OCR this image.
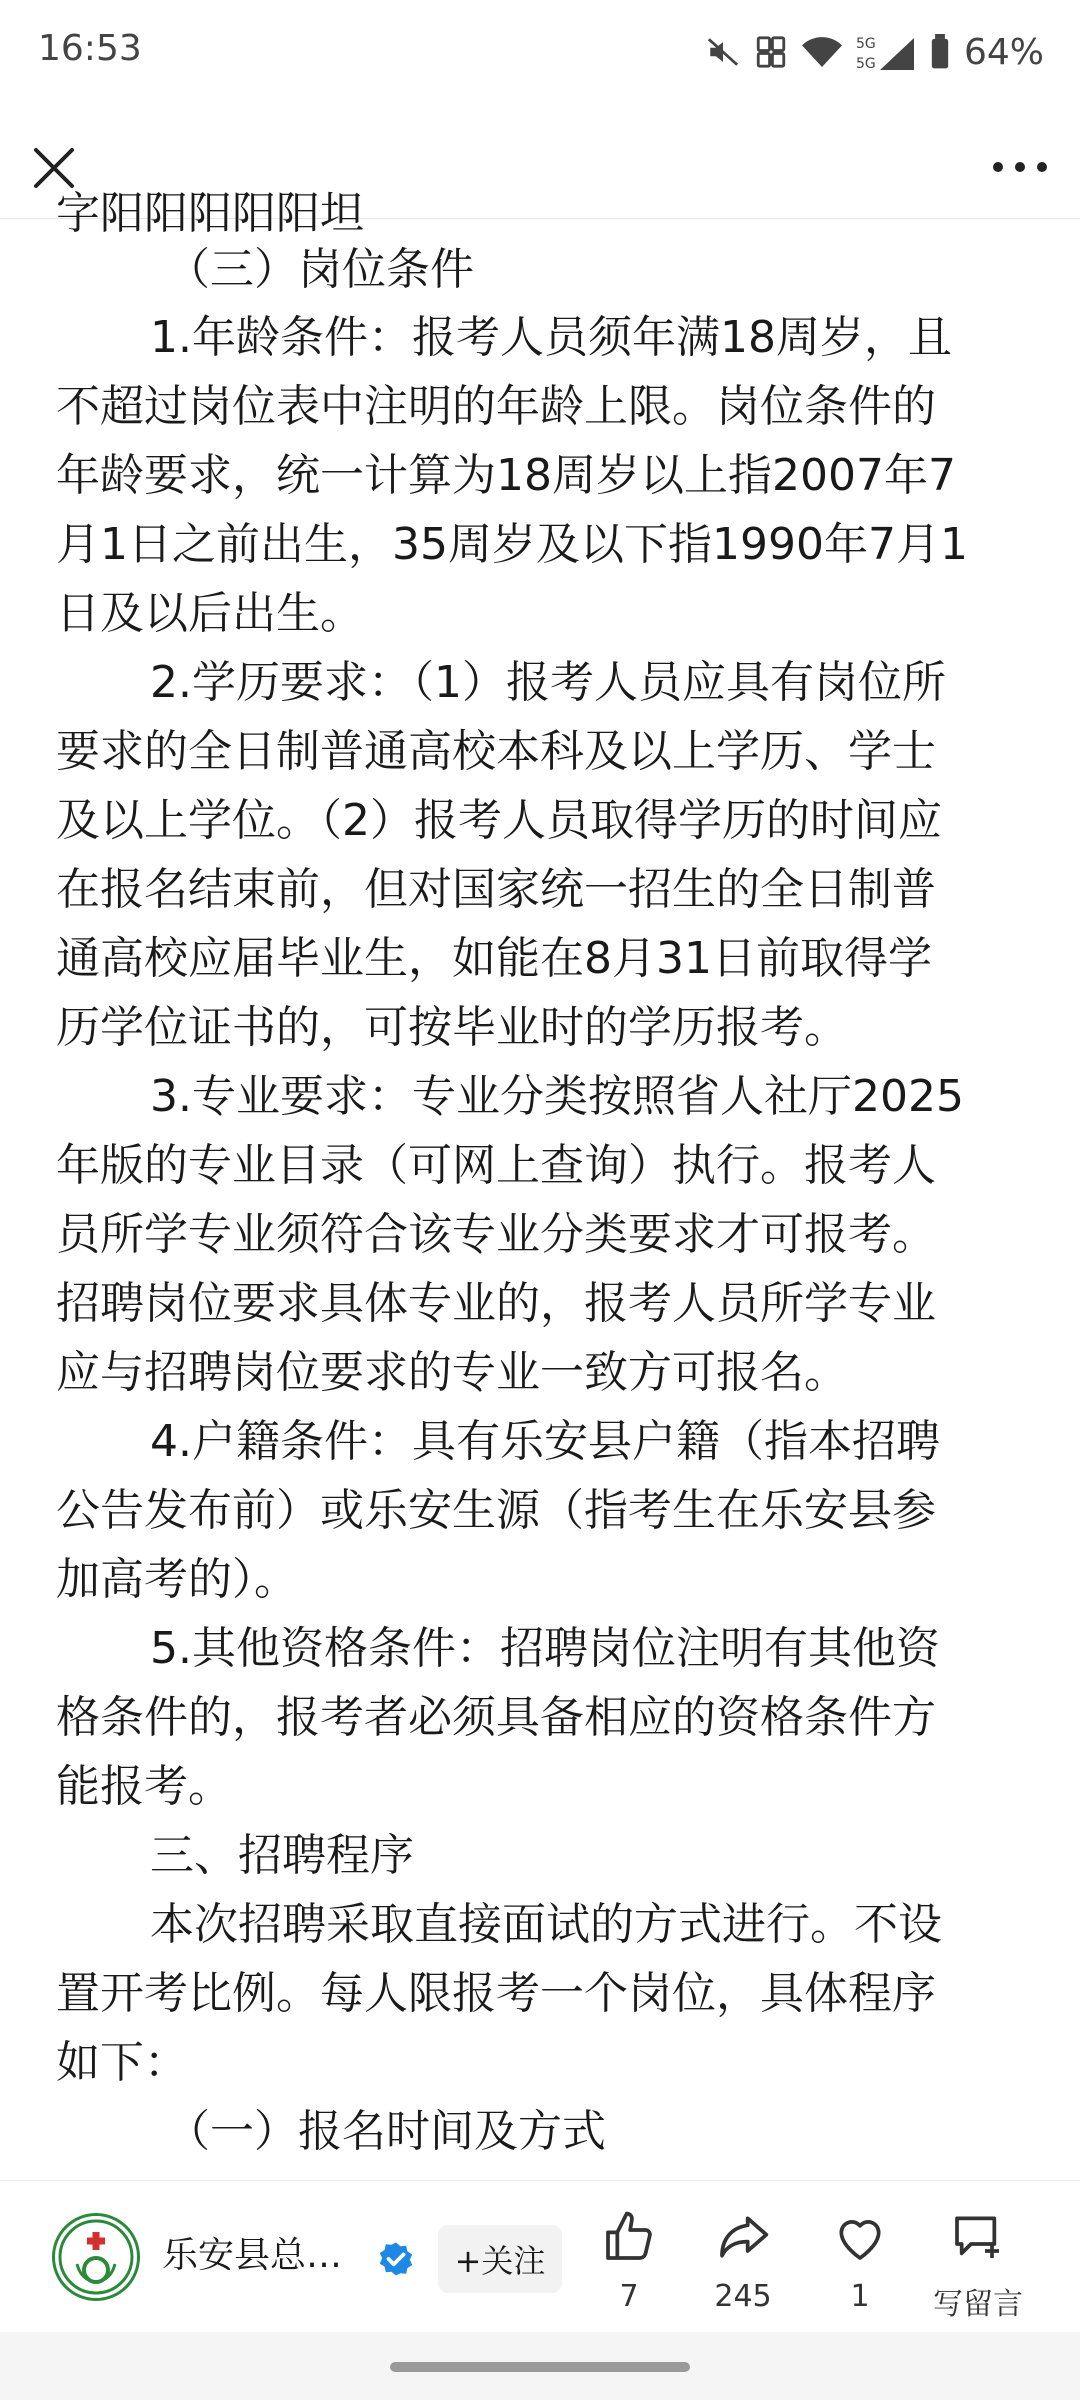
16:53	5G
5G 64%
字阳阳阳阳阳坦
（三）岗位条件
1.年龄条件：报考人员须年满18周岁，且
不超过岗位表中注明的年龄上限。岗位条件的
年龄要求，统一计算为18周岁以上指2007年7
月1日之前出生，35周岁及以下指1990年7月1
日及以后出生。
2.学历要求：（1）报考人员应具有岗位所
要求的全日制普通高校本科及以上学历、学士
及以上学位。（2）报考人员取得学历的时间应
在报名结束前，但对国家统一招生的全日制普
通高校应届毕业生，如能在8月31日前取得学
历学位证书的，可按毕业时的学历报考。
3.专业要求：专业分类按照省人社厅2025
年版的专业目录（可网上查询）执行。报考人
员所学专业须符合该专业分类要求才可报考。
招聘岗位要求具体专业的，报考人员所学专业
应与招聘岗位要求的专业一致方可报名。
4.户籍条件：具有乐安县户籍（指本招聘
公告发布前）或乐安生源（指考生在乐安县参
加高考的）。
5.其他资格条件：招聘岗位注明有其他资
格条件的，报考者必须具备相应的资格条件方
能报考。
三、招聘程序
本次招聘采取直接面试的方式进行。不设
置开考比例。每人限报考一个岗位，具体程序
如下：
（一）报名时间及方式
乐安县总…	+关注
7	245	1	写留言
